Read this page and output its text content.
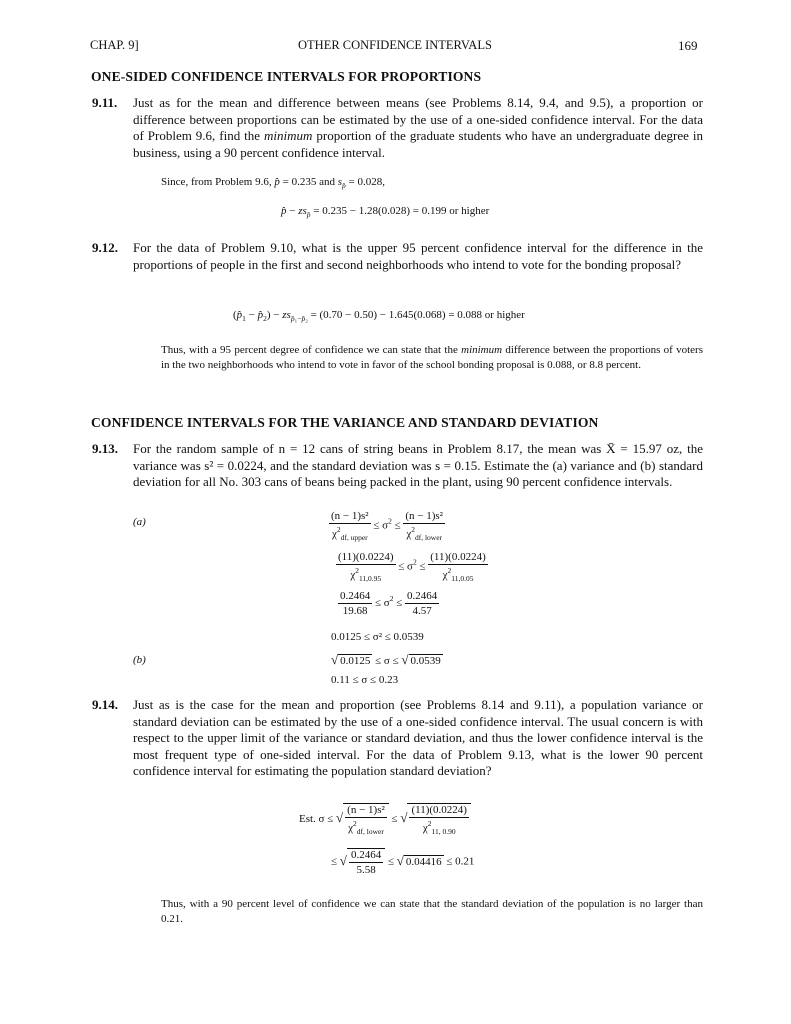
CHAP. 9]	OTHER CONFIDENCE INTERVALS	169
ONE-SIDED CONFIDENCE INTERVALS FOR PROPORTIONS
9.11. Just as for the mean and difference between means (see Problems 8.14, 9.4, and 9.5), a proportion or difference between proportions can be estimated by the use of a one-sided confidence interval. For the data of Problem 9.6, find the minimum proportion of the graduate students who have an undergraduate degree in business, using a 90 percent confidence interval.
Since, from Problem 9.6, p̂ = 0.235 and $s_{p̂} = 0.028$,
p̂ − $zs_{p̂} = 0.235 - 1.28(0.028) = 0.199$ or higher
9.12. For the data of Problem 9.10, what is the upper 95 percent confidence interval for the difference in the proportions of people in the first and second neighborhoods who intend to vote for the bonding proposal?
($p̂_1$ − $p̂_2) - zs_{p̂_1-p̂_2} = (0.70 - 0.50) - 1.645(0.068) = 0.088$ or higher
Thus, with a 95 percent degree of confidence we can state that the minimum difference between the proportions of voters in the two neighborhoods who intend to vote in favor of the school bonding proposal is 0.088, or 8.8 percent.
CONFIDENCE INTERVALS FOR THE VARIANCE AND STANDARD DEVIATION
9.13. For the random sample of n = 12 cans of string beans in Problem 8.17, the mean was X̄ = 15.97 oz, the variance was s² = 0.0224, and the standard deviation was s = 0.15. Estimate the (a) variance and (b) standard deviation for all No. 303 cans of beans being packed in the plant, using 90 percent confidence intervals.
(a)	$\frac{\text{(n − 1)s²}}{\chi^2_{df, upper}} \le \sigma^2 \le \frac{\text{(n − 1)s²}}{\chi^2_{df, lower}}$
$\frac{(11)(0.0224)}{\chi^2_{11,0.95}} \le \sigma^2 \le \frac{(11)(0.0224)}{\chi^2_{11,0.05}}$
$\frac{0.2464}{19.68} \le \sigma^2 \le \frac{0.2464}{4.57}$
0.0125 ≤ σ² ≤ 0.0539
(b)	√ 0.0125 ≤ σ ≤ √ 0.0539
0.11 ≤ σ ≤ 0.23
9.14. Just as is the case for the mean and proportion (see Problems 8.14 and 9.11), a population variance or standard deviation can be estimated by the use of a one-sided confidence interval. The usual concern is with respect to the upper limit of the variance or standard deviation, and thus the lower confidence interval is the most frequent type of one-sided interval. For the data of Problem 9.13, what is the lower 90 percent confidence interval for estimating the population standard deviation?
Est. σ ≤ √ $\frac{\text{(n − 1)s²}}{\chi^2_{df, lower}}$ ≤ √ $\frac{(11)(0.0224)}{\chi^2_{11, 0.90}}$
≤ √ $\frac{0.2464}{5.58}$ ≤ √ 0.04416 ≤ 0.21
Thus, with a 90 percent level of confidence we can state that the standard deviation of the population is no larger than 0.21.
